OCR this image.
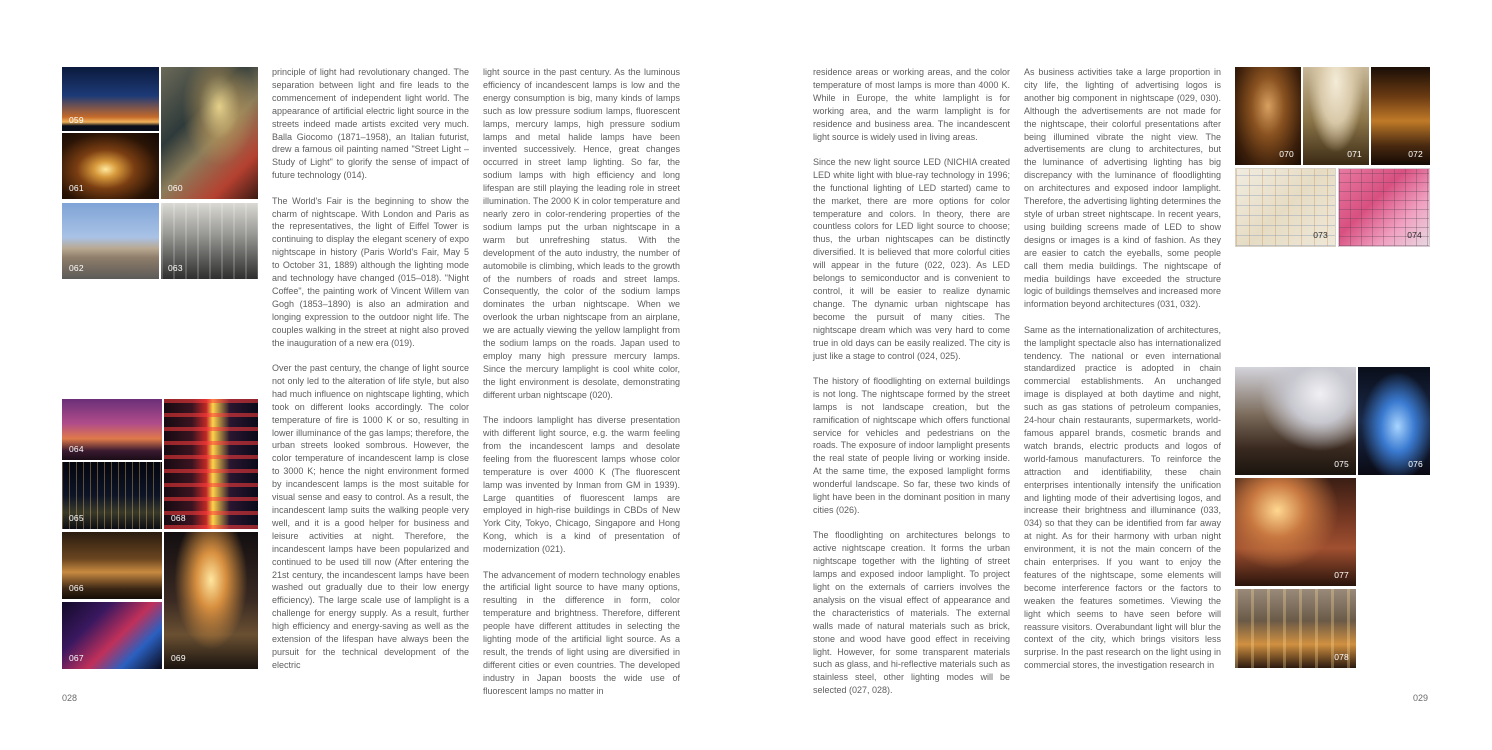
059
060
061
062	063
064
068
065
066
069
067

principle of light had revolutionary changed. The separation between light and fire leads to the commencement of independent light world. The appearance of artificial electric light source in the streets indeed made artists excited very much. Balla Giocomo (1871–1958), an Italian futurist, drew a famous oil painting named "Street Light – Study of Light" to glorify the sense of impact of future technology (014).

The World's Fair is the beginning to show the charm of nightscape. With London and Paris as the representatives, the light of Eiffel Tower is continuing to display the elegant scenery of expo nightscape in history (Paris World's Fair, May 5 to October 31, 1889) although the lighting mode and technology have changed (015–018). "Night Coffee", the painting work of Vincent Willem van Gogh (1853–1890) is also an admiration and longing expression to the outdoor night life. The couples walking in the street at night also proved the inauguration of a new era (019).

Over the past century, the change of light source not only led to the alteration of life style, but also had much influence on nightscape lighting, which took on different looks accordingly. The color temperature of fire is 1000 K or so, resulting in lower illuminance of the gas lamps; therefore, the urban streets looked sombrous. However, the color temperature of incandescent lamp is close to 3000 K; hence the night environment formed by incandescent lamps is the most suitable for visual sense and easy to control. As a result, the incandescent lamp suits the walking people very well, and it is a good helper for business and leisure activities at night. Therefore, the incandescent lamps have been popularized and continued to be used till now (After entering the 21st century, the incandescent lamps have been washed out gradually due to their low energy efficiency). The large scale use of lamplight is a challenge for energy supply. As a result, further high efficiency and energy-saving as well as the extension of the lifespan have always been the pursuit for the technical development of the electric

light source in the past century. As the luminous efficiency of incandescent lamps is low and the energy consumption is big, many kinds of lamps such as low pressure sodium lamps, fluorescent lamps, mercury lamps, high pressure sodium lamps and metal halide lamps have been invented successively. Hence, great changes occurred in street lamp lighting. So far, the sodium lamps with high efficiency and long lifespan are still playing the leading role in street illumination. The 2000 K in color temperature and nearly zero in color-rendering properties of the sodium lamps put the urban nightscape in a warm but unrefreshing status. With the development of the auto industry, the number of automobile is climbing, which leads to the growth of the numbers of roads and street lamps. Consequently, the color of the sodium lamps dominates the urban nightscape. When we overlook the urban nightscape from an airplane, we are actually viewing the yellow lamplight from the sodium lamps on the roads. Japan used to employ many high pressure mercury lamps. Since the mercury lamplight is cool white color, the light environment is desolate, demonstrating different urban nightscape (020).

The indoors lamplight has diverse presentation with different light source, e.g. the warm feeling from the incandescent lamps and desolate feeling from the fluorescent lamps whose color temperature is over 4000 K (The fluorescent lamp was invented by Inman from GM in 1939). Large quantities of fluorescent lamps are employed in high-rise buildings in CBDs of New York City, Tokyo, Chicago, Singapore and Hong Kong, which is a kind of presentation of modernization (021).

The advancement of modern technology enables the artificial light source to have many options, resulting in the difference in form, color temperature and brightness. Therefore, different people have different attitudes in selecting the lighting mode of the artificial light source. As a result, the trends of light using are diversified in different cities or even countries. The developed industry in Japan boosts the wide use of fluorescent lamps no matter in

residence areas or working areas, and the color temperature of most lamps is more than 4000 K. While in Europe, the white lamplight is for working area, and the warm lamplight is for residence and business area. The incandescent light source is widely used in living areas.

Since the new light source LED (NICHIA created LED white light with blue-ray technology in 1996; the functional lighting of LED started) came to the market, there are more options for color temperature and colors. In theory, there are countless colors for LED light source to choose; thus, the urban nightscapes can be distinctly diversified. It is believed that more colorful cities will appear in the future (022, 023). As LED belongs to semiconductor and is convenient to control, it will be easier to realize dynamic change. The dynamic urban nightscape has become the pursuit of many cities. The nightscape dream which was very hard to come true in old days can be easily realized. The city is just like a stage to control (024, 025).

The history of floodlighting on external buildings is not long. The nightscape formed by the street lamps is not landscape creation, but the ramification of nightscape which offers functional service for vehicles and pedestrians on the roads. The exposure of indoor lamplight presents the real state of people living or working inside. At the same time, the exposed lamplight forms wonderful landscape. So far, these two kinds of light have been in the dominant position in many cities (026).

The floodlighting on architectures belongs to active nightscape creation. It forms the urban nightscape together with the lighting of street lamps and exposed indoor lamplight. To project light on the externals of carriers involves the analysis on the visual effect of appearance and the characteristics of materials. The external walls made of natural materials such as brick, stone and wood have good effect in receiving light. However, for some transparent materials such as glass, and hi-reflective materials such as stainless steel, other lighting modes will be selected (027, 028).

As business activities take a large proportion in city life, the lighting of advertising logos is another big component in nightscape (029, 030). Although the advertisements are not made for the nightscape, their colorful presentations after being illumined vibrate the night view. The advertisements are clung to architectures, but the luminance of advertising lighting has big discrepancy with the luminance of floodlighting on architectures and exposed indoor lamplight. Therefore, the advertising lighting determines the style of urban street nightscape. In recent years, using building screens made of LED to show designs or images is a kind of fashion. As they are easier to catch the eyeballs, some people call them media buildings. The nightscape of media buildings have exceeded the structure logic of buildings themselves and increased more information beyond architectures (031, 032).

Same as the internationalization of architectures, the lamplight spectacle also has internationalized tendency. The national or even international standardized practice is adopted in chain commercial establishments. An unchanged image is displayed at both daytime and night, such as gas stations of petroleum companies, 24-hour chain restaurants, supermarkets, world-famous apparel brands, cosmetic brands and watch brands, electric products and logos of world-famous manufacturers. To reinforce the attraction and identifiability, these chain enterprises intentionally intensify the unification and lighting mode of their advertising logos, and increase their brightness and illuminance (033, 034) so that they can be identified from far away at night. As for their harmony with urban night environment, it is not the main concern of the chain enterprises. If you want to enjoy the features of the nightscape, some elements will become interference factors or the factors to weaken the features sometimes. Viewing the light which seems to have seen before will reassure visitors. Overabundant light will blur the context of the city, which brings visitors less surprise. In the past research on the light using in commercial stores, the investigation research in

070	071	072
073	074
075	076
077
078
028	029
